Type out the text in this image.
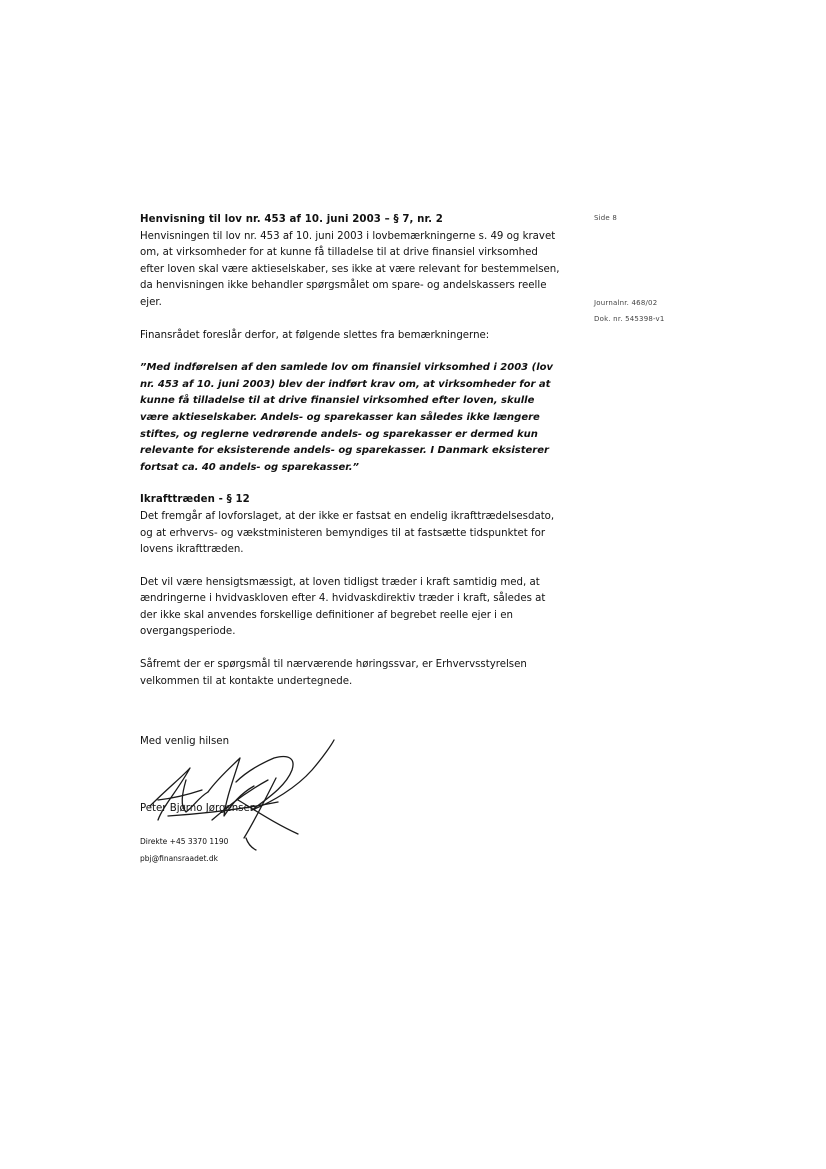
Side 8
Journalnr. 468/02
Dok. nr. 545398-v1

Henvisning til lov nr. 453 af 10. juni 2003 – § 7, nr. 2

Henvisningen til lov nr. 453 af 10. juni 2003 i lovbemærkningerne s. 49 og kravet om, at virksomheder for at kunne få tilladelse til at drive finansiel virksomhed efter loven skal være aktieselskaber, ses ikke at være relevant for bestemmelsen, da henvisningen ikke behandler spørgsmålet om spare- og andelskassers reelle ejer.

Finansrådet foreslår derfor, at følgende slettes fra bemærkningerne:

”Med indførelsen af den samlede lov om finansiel virksomhed i 2003 (lov nr. 453 af 10. juni 2003) blev der indført krav om, at virksomheder for at kunne få tilladelse til at drive finansiel virksomhed efter loven, skulle være aktieselskaber. Andels- og sparekasser kan således ikke længere stiftes, og reglerne vedrørende andels- og sparekasser er dermed kun relevante for eksisterende andels- og sparekasser. I Danmark eksisterer fortsat ca. 40 andels- og sparekasser.”

Ikrafttræden - § 12

Det fremgår af lovforslaget, at der ikke er fastsat en endelig ikrafttrædelsesdato, og at erhvervs- og vækstministeren bemyndiges til at fastsætte tidspunktet for lovens ikrafttræden.

Det vil være hensigtsmæssigt, at loven tidligst træder i kraft samtidig med, at ændringerne i hvidvaskloven efter 4. hvidvaskdirektiv træder i kraft, således at der ikke skal anvendes forskellige definitioner af begrebet reelle ejer i en overgangsperiode.

Såfremt der er spørgsmål til nærværende høringssvar, er Erhvervsstyrelsen velkommen til at kontakte undertegnede.

Med venlig hilsen
Peter Bjørno Jørgensen
Direkte +45 3370 1190
pbj@finansraadet.dk
